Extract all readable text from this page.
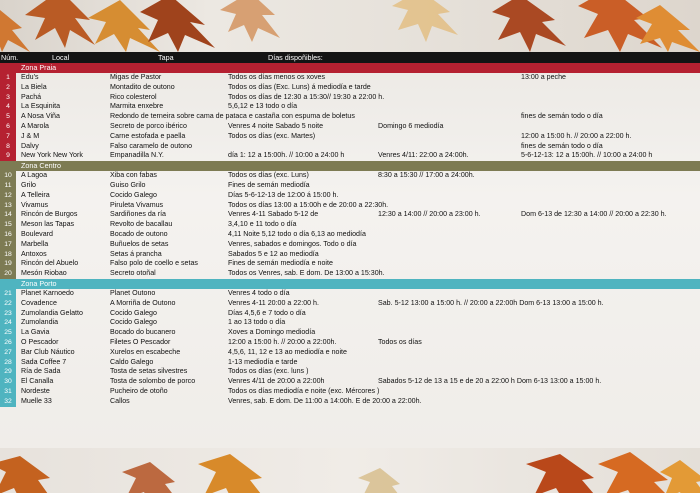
Núm.	Local	Tapa	Días dispoñibles:
Zona Praia
1	Edu's	Migas de Pastor	Todos os días menos os xoves	13:00 a peche
2	La Biela	Montadito de outono	Todos os días (Exc. Luns) á mediodía e tarde
3	Pachá	Rico colesterol	Todos os días de 12:30 a 15:30// 19:30 a 22:00 h.
4	La Esquinita	Marmita enxebre	5,6,12 e 13 todo o día
5	A Nosa Viña	Redondo de terneira sobre cama de pataca e castaña con espuma de boletus	fines de semán todo o día
6	A Marola	Secreto de porco ibérico	Venres 4 noite Sabado 5 noite	Domingo 6 mediodía
7	J & M	Carne estofada e paella	Todos os días (exc. Martes)	12:00 a 15:00 h. // 20:00 a 22:00 h.
8	Dalvy	Falso caramelo de outono	fines de semán todo o día
9	New York New York	Empanadilla N.Y.	día 1: 12 a 15:00h. // 10:00 a 24:00 h	Venres 4/11: 22:00 a 24:00h.	5-6-12-13: 12 a 15:00h. // 10:00 a 24:00 h
Zona Centro
10	A Lagoa	Xiba con fabas	Todos os días (exc. Luns)	8:30 a 15:30 // 17:00 a 24:00h.
11	Grilo	Guiso Grilo	Fines de semán mediodía
12	A Telleira	Cocido Galego	Días 5-6-12-13 de 12:00 á 15:00 h.
13	Vivamus	Piruleta Vivamus	Todos os días 13:00 a 15:00h e de 20:00 a 22:30h.
14	Rincón de Burgos	Sardiñones da ría	Venres 4-11 Sabado 5-12 de	12:30 a 14:00 // 20:00 a 23:00 h.	Dom 6-13 de 12:30 a 14:00 // 20:00 a 22:30 h.
15	Meson las Tapas	Revolto de bacallau	3,4,10 e 11 todo o día
16	Boulevard	Bocado de outono	4,11 Noite 5,12 todo o día 6,13 ao mediodía
17	Marbella	Buñuelos de setas	Venres, sabados e domingos. Todo o día
18	Antoxos	Setas á prancha	Sabados 5 e 12 ao mediodía
19	Rincón del Abuelo	Falso polo de coello e setas	Fines de semán mediodía e noite
20	Mesón Riobao	Secreto otoñal	Todos os Venres, sab. E dom. De 13:00 a 15:30h.
Zona Porto
21	Planet Karnoedo	Planet Outono	Venres 4 todo o día
22	Covadence	A Morriña de Outono	Venres 4-11 20:00 a 22:00 h.	Sab. 5-12 13:00 a 15:00 h. // 20:00 a 22:00h Dom 6-13 13:00 a 15:00 h.
23	Zumolandia Gelatto	Cocido Galego	Días 4,5,6 e 7 todo o día
24	Zumolandia	Cocido Galego	1 ao 13 todo o día
25	La Gavia	Bocado do bucanero	Xoves a Domingo mediodía
26	O Pescador	Filetes O Pescador	12:00 a 15:00 h. // 20:00 a 22:00h.	Todos os días
27	Bar Club Náutico	Xurelos en escabeche	4,5,6, 11, 12 e 13 ao mediodía e noite
28	Sada Coffee 7	Caldo Galego	1-13 mediodía e tarde
29	Ría de Sada	Tosta de setas silvestres	Todos os días (exc. luns )
30	El Canalla	Tosta de solombo de porco	Venres 4/11 de 20:00 a 22:00h	Sabados 5-12 de 13 a 15 e de 20 a 22:00 h Dom 6-13 13:00 a 15:00 h.
31	Nordeste	Pucheiro de otoño	Todos os días mediodía e noite (exc. Mércores )
32	Muelle 33	Callos	Venres, sab. E dom. De 11:00 a 14:00h. E de 20:00 a 22:00h.
